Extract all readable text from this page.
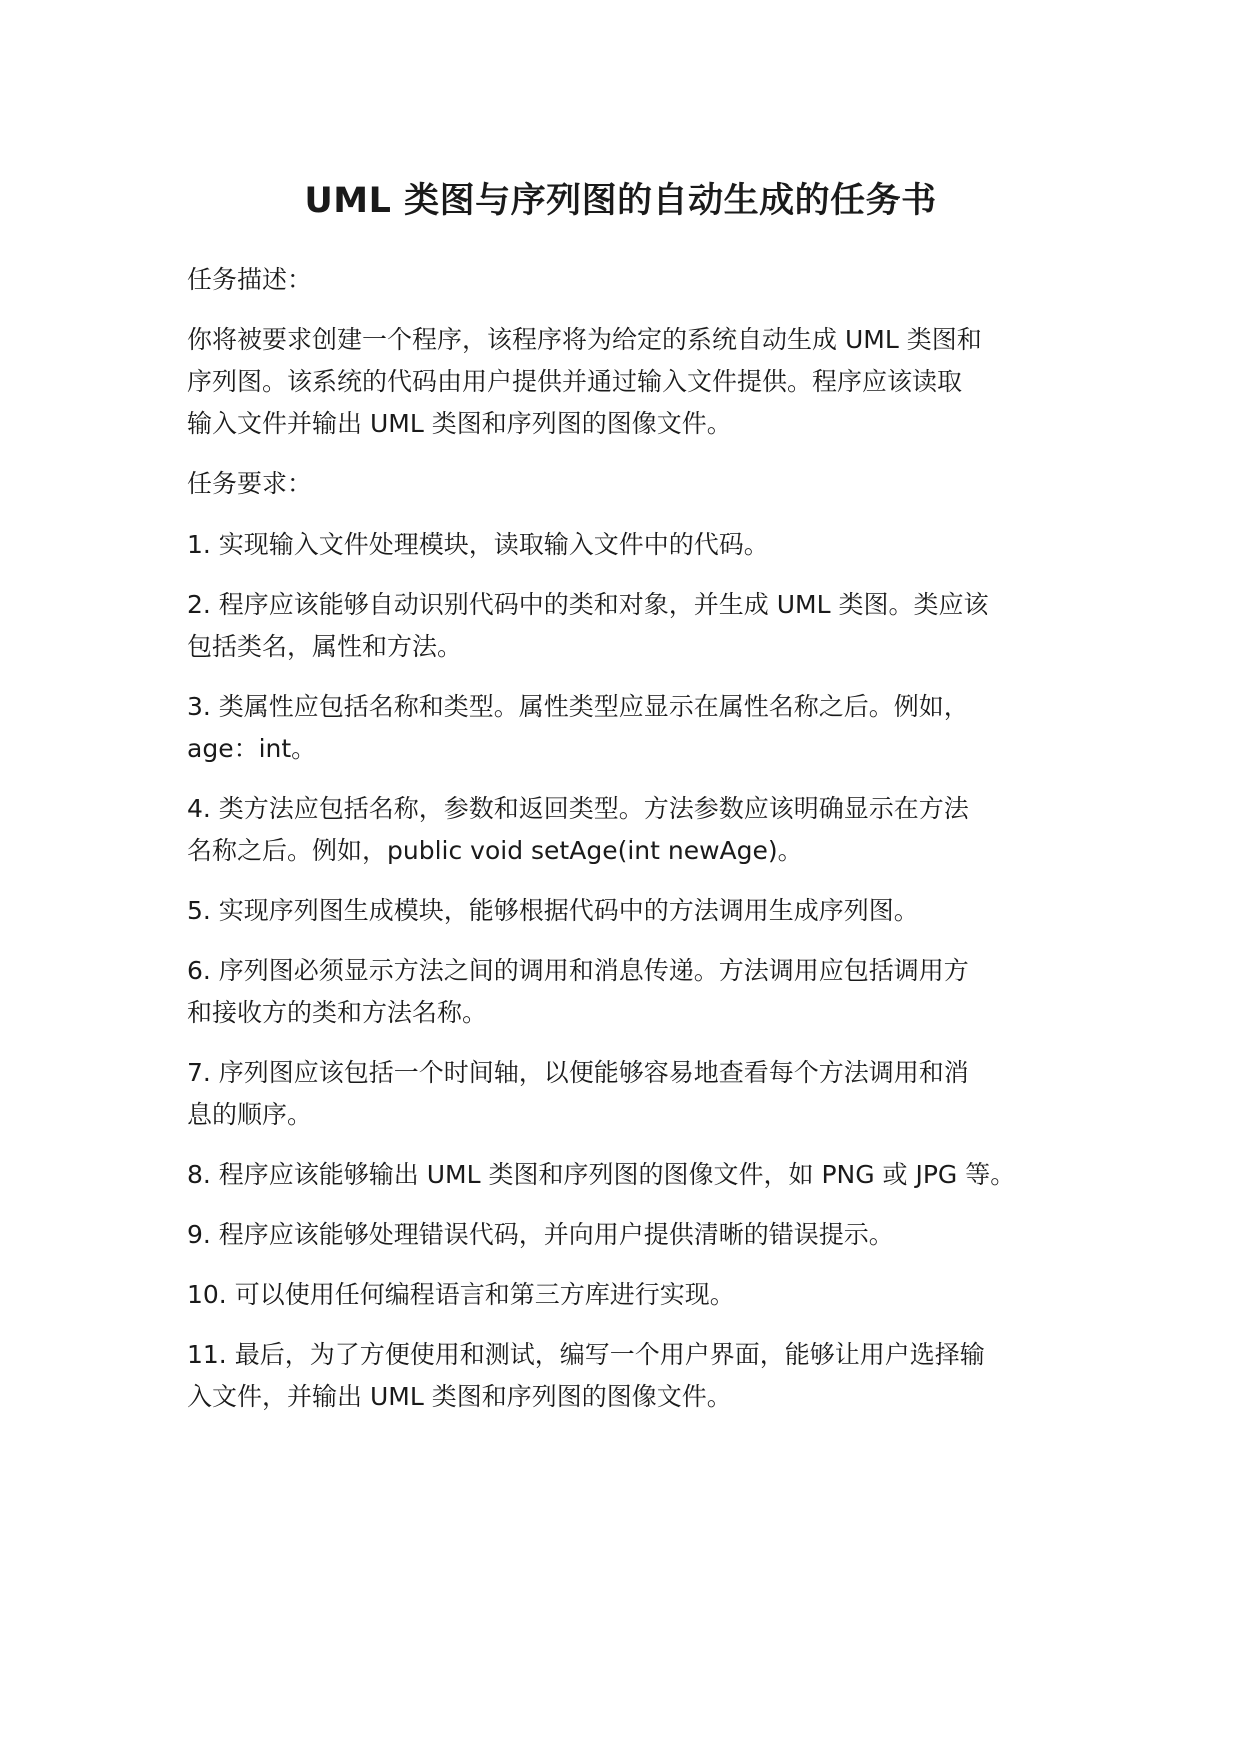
UML 类图与序列图的自动生成的任务书
任务描述：
你将被要求创建一个程序，该程序将为给定的系统自动生成 UML 类图和
序列图。该系统的代码由用户提供并通过输入文件提供。程序应该读取
输入文件并输出 UML 类图和序列图的图像文件。
任务要求：
1. 实现输入文件处理模块，读取输入文件中的代码。
2. 程序应该能够自动识别代码中的类和对象，并生成 UML 类图。类应该
包括类名，属性和方法。
3. 类属性应包括名称和类型。属性类型应显示在属性名称之后。例如，
age：int。
4. 类方法应包括名称，参数和返回类型。方法参数应该明确显示在方法
名称之后。例如，public void setAge(int newAge)。
5. 实现序列图生成模块，能够根据代码中的方法调用生成序列图。
6. 序列图必须显示方法之间的调用和消息传递。方法调用应包括调用方
和接收方的类和方法名称。
7. 序列图应该包括一个时间轴，以便能够容易地查看每个方法调用和消
息的顺序。
8. 程序应该能够输出 UML 类图和序列图的图像文件，如 PNG 或 JPG 等。
9. 程序应该能够处理错误代码，并向用户提供清晰的错误提示。
10. 可以使用任何编程语言和第三方库进行实现。
11. 最后，为了方便使用和测试，编写一个用户界面，能够让用户选择输
入文件，并输出 UML 类图和序列图的图像文件。
